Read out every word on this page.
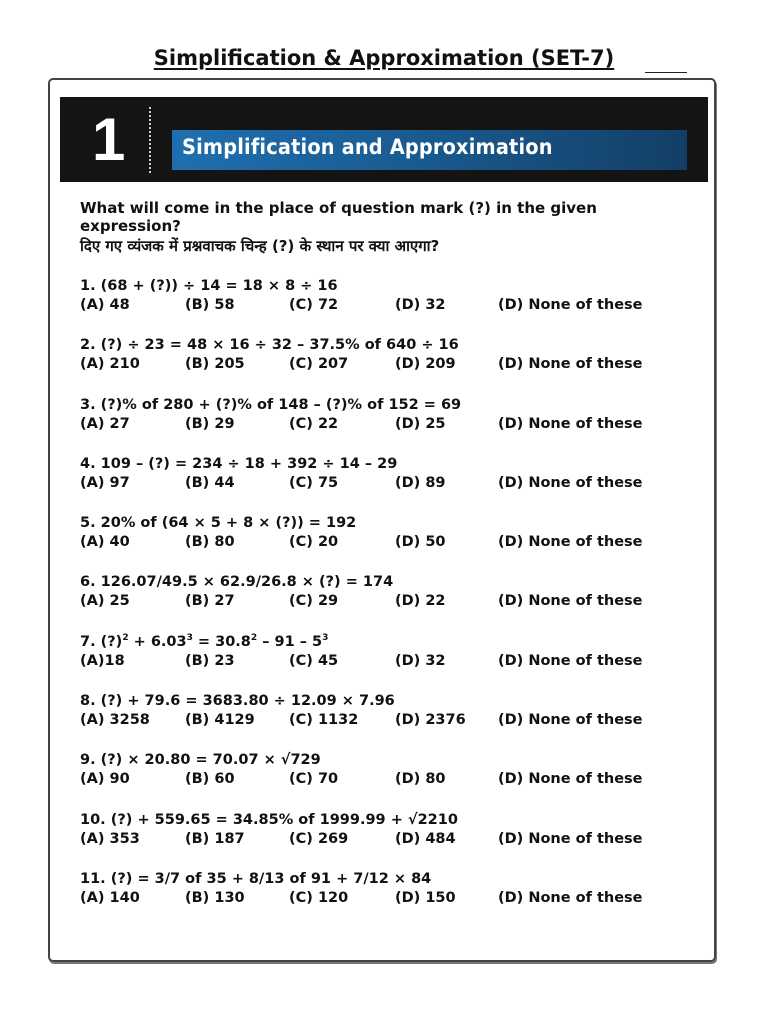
Simplification & Approximation (SET-7)
1	Simplification and Approximation
What will come in the place of question mark (?) in the given expression?
दिए गए व्यंजक में प्रश्नवाचक चिन्ह (?) के स्थान पर क्या आएगा?
1. (68 + (?)) ÷ 14 = 18 × 8 ÷ 16
(A) 48	(B) 58	(C) 72	(D) 32	(D) None of these
2. (?) ÷ 23 = 48 × 16 ÷ 32 – 37.5% of 640 ÷ 16
(A) 210	(B) 205	(C) 207	(D) 209	(D) None of these
3. (?)% of 280 + (?)% of 148 – (?)% of 152 = 69
(A) 27	(B) 29	(C) 22	(D) 25	(D) None of these
4. 109 – (?) = 234 ÷ 18 + 392 ÷ 14 – 29
(A) 97	(B) 44	(C) 75	(D) 89	(D) None of these
5. 20% of (64 × 5 + 8 × (?)) = 192
(A) 40	(B) 80	(C) 20	(D) 50	(D) None of these
6. 126.07/49.5 × 62.9/26.8 × (?) = 174
(A) 25	(B) 27	(C) 29	(D) 22	(D) None of these
7. (?)$^2$ + $6.03^3 = 30.8^2 - 91 - 5^3$
(A)18	(B) 23	(C) 45	(D) 32	(D) None of these
8. (?) + 79.6 = 3683.80 ÷ 12.09 × 7.96
(A) 3258 (B) 4129 (C) 1132	(D) 2376 (D) None of these
9. (?) × 20.80 = 70.07 × √729
(A) 90	(B) 60	(C) 70	(D) 80	(D) None of these
10. (?) + 559.65 = 34.85% of 1999.99 + √2210
(A) 353	(B) 187	(C) 269	(D) 484	(D) None of these
11. (?) = 3/7 of 35 + 8/13 of 91 + 7/12 × 84
(A) 140	(B) 130	(C) 120	(D) 150	(D) None of these
